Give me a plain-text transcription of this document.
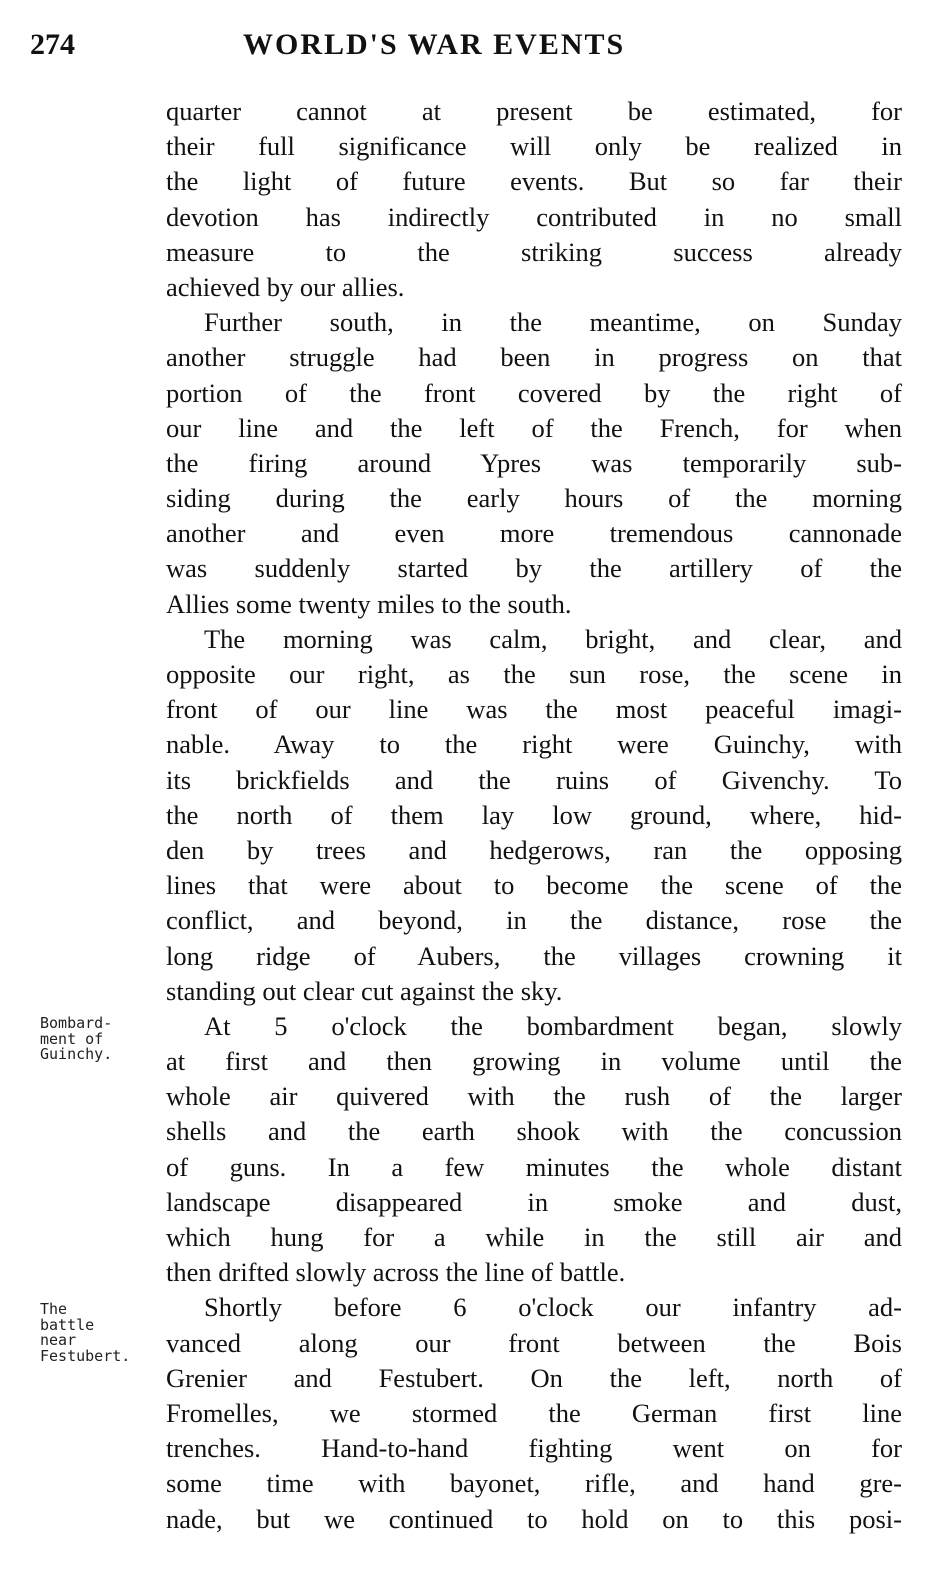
274	WORLD'S WAR EVENTS
Bombard-
ment of
Guinchy.
The
battle
near
Festubert.
quarter cannot at present be estimated, for
their full significance will only be realized in
the light of future events. But so far their
devotion has indirectly contributed in no small
measure to the striking success already
achieved by our allies.
Further south, in the meantime, on Sunday
another struggle had been in progress on that
portion of the front covered by the right of
our line and the left of the French, for when
the firing around Ypres was temporarily sub-
siding during the early hours of the morning
another and even more tremendous cannonade
was suddenly started by the artillery of the
Allies some twenty miles to the south.
The morning was calm, bright, and clear, and
opposite our right, as the sun rose, the scene in
front of our line was the most peaceful imagi-
nable. Away to the right were Guinchy, with
its brickfields and the ruins of Givenchy. To
the north of them lay low ground, where, hid-
den by trees and hedgerows, ran the opposing
lines that were about to become the scene of the
conflict, and beyond, in the distance, rose the
long ridge of Aubers, the villages crowning it
standing out clear cut against the sky.
At 5 o'clock the bombardment began, slowly
at first and then growing in volume until the
whole air quivered with the rush of the larger
shells and the earth shook with the concussion
of guns. In a few minutes the whole distant
landscape disappeared in smoke and dust,
which hung for a while in the still air and
then drifted slowly across the line of battle.
Shortly before 6 o'clock our infantry ad-
vanced along our front between the Bois
Grenier and Festubert. On the left, north of
Fromelles, we stormed the German first line
trenches. Hand-to-hand fighting went on for
some time with bayonet, rifle, and hand gre-
nade, but we continued to hold on to this posi-
